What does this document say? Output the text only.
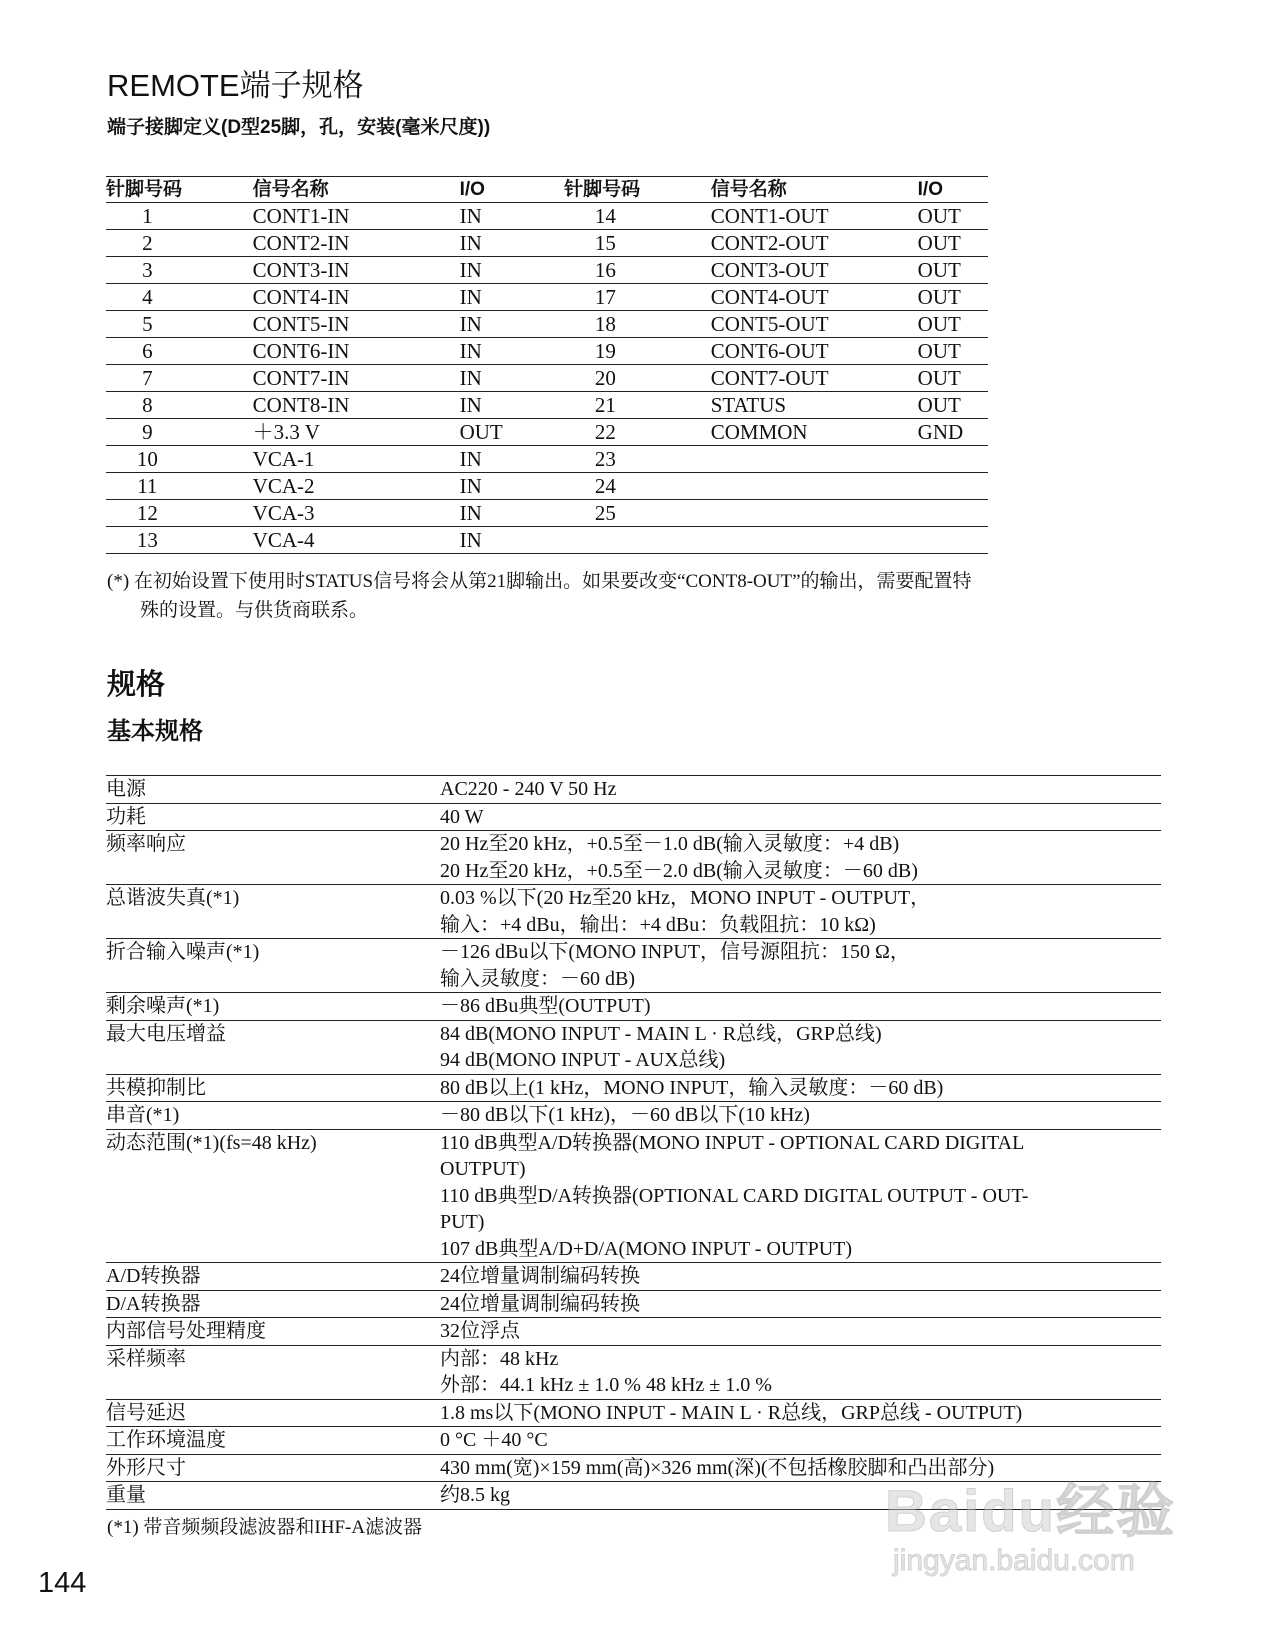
REMOTE端子规格
端子接脚定义(D型25脚，孔，安装(毫米尺度))
针脚号码	信号名称	I/O	针脚号码	信号名称	I/O
1	CONT1-IN	IN	14	CONT1-OUT	OUT
2	CONT2-IN	IN	15	CONT2-OUT	OUT
3	CONT3-IN	IN	16	CONT3-OUT	OUT
4	CONT4-IN	IN	17	CONT4-OUT	OUT
5	CONT5-IN	IN	18	CONT5-OUT	OUT
6	CONT6-IN	IN	19	CONT6-OUT	OUT
7	CONT7-IN	IN	20	CONT7-OUT	OUT
8	CONT8-IN	IN	21	STATUS	OUT
9	＋3.3 V	OUT	22	COMMON	GND
10	VCA-1	IN	23		
11	VCA-2	IN	24		
12	VCA-3	IN	25		
13	VCA-4	IN			
(*) 在初始设置下使用时STATUS信号将会从第21脚输出。如果要改变“CONT8-OUT”的输出，需要配置特
殊的设置。与供货商联系。
规格
基本规格
电源	AC220 - 240 V 50 Hz

功耗	40 W

频率响应	20 Hz至20 kHz，+0.5至－1.0 dB(输入灵敏度：+4 dB)
20 Hz至20 kHz，+0.5至－2.0 dB(输入灵敏度：－60 dB)

总谐波失真(*1)	0.03 %以下(20 Hz至20 kHz，MONO INPUT - OUTPUT，
输入：+4 dBu，输出：+4 dBu：负载阻抗：10 kΩ)

折合输入噪声(*1)	－126 dBu以下(MONO INPUT，信号源阻抗：150 Ω，
输入灵敏度：－60 dB)

剩余噪声(*1)	－86 dBu典型(OUTPUT)

最大电压增益	84 dB(MONO INPUT - MAIN L · R总线，GRP总线)
94 dB(MONO INPUT - AUX总线)

共模抑制比	80 dB以上(1 kHz，MONO INPUT，输入灵敏度：－60 dB)

串音(*1)	－80 dB以下(1 kHz)，－60 dB以下(10 kHz)

动态范围(*1)(fs=48 kHz)	110 dB典型A/D转换器(MONO INPUT - OPTIONAL CARD DIGITAL
OUTPUT)
110 dB典型D/A转换器(OPTIONAL CARD DIGITAL OUTPUT - OUT-
PUT)
107 dB典型A/D+D/A(MONO INPUT - OUTPUT)

A/D转换器	24位增量调制编码转换

D/A转换器	24位增量调制编码转换

内部信号处理精度	32位浮点

采样频率	内部：48 kHz
外部：44.1 kHz ± 1.0 % 48 kHz ± 1.0 %

信号延迟	1.8 ms以下(MONO INPUT - MAIN L · R总线，GRP总线 - OUTPUT)

工作环境温度	0 °C ＋40 °C

外形尺寸	430 mm(宽)×159 mm(高)×326 mm(深)(不包括橡胶脚和凸出部分)

重量	约8.5 kg
(*1) 带音频频段滤波器和IHF-A滤波器
144
Baidu经验
jingyan.baidu.com
